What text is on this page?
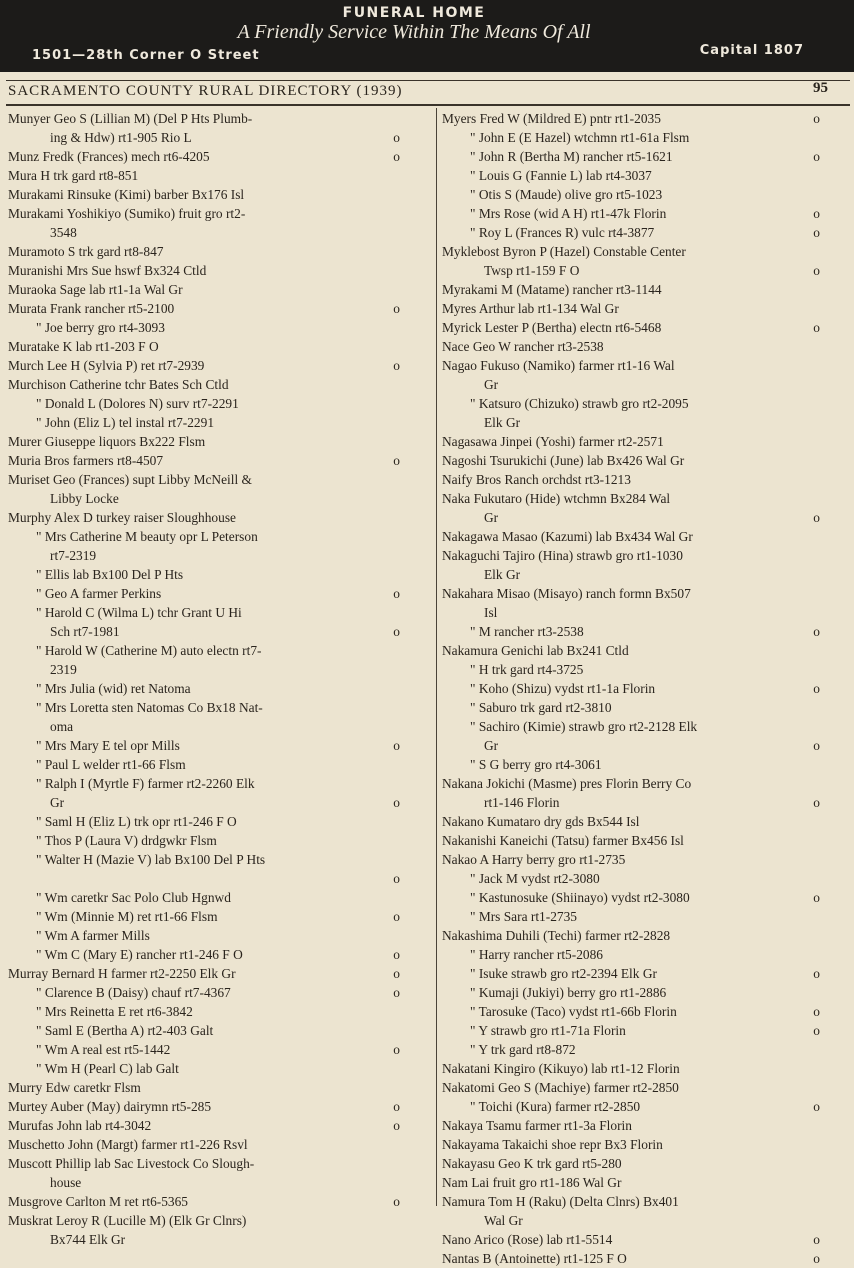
FUNERAL HOME
A Friendly Service Within The Means Of All
1501—28th Corner O Street	Capital 1807
SACRAMENTO COUNTY RURAL DIRECTORY (1939)	95
Munyer Geo S (Lillian M) (Del P Hts Plumb-
ing & Hdw) rt1-905 Rio L	o
Munz Fredk (Frances) mech rt6-4205	o
Mura H trk gard rt8-851
Murakami Rinsuke (Kimi) barber Bx176 Isl
Murakami Yoshikiyo (Sumiko) fruit gro rt2-
3548
Muramoto S trk gard rt8-847
Muranishi Mrs Sue hswf Bx324 Ctld
Muraoka Sage lab rt1-1a Wal Gr
Murata Frank rancher rt5-2100	o
" Joe berry gro rt4-3093
Muratake K lab rt1-203 F O
Murch Lee H (Sylvia P) ret rt7-2939	o
Murchison Catherine tchr Bates Sch Ctld
" Donald L (Dolores N) surv rt7-2291
" John (Eliz L) tel instal rt7-2291
Murer Giuseppe liquors Bx222 Flsm
Muria Bros farmers rt8-4507	o
Muriset Geo (Frances) supt Libby McNeill &
Libby Locke
Murphy Alex D turkey raiser Sloughhouse
" Mrs Catherine M beauty opr L Peterson
rt7-2319
" Ellis lab Bx100 Del P Hts
" Geo A farmer Perkins	o
" Harold C (Wilma L) tchr Grant U Hi
Sch rt7-1981	o
" Harold W (Catherine M) auto electn rt7-
2319
" Mrs Julia (wid) ret Natoma
" Mrs Loretta sten Natomas Co Bx18 Nat-
oma
" Mrs Mary E tel opr Mills	o
" Paul L welder rt1-66 Flsm
" Ralph I (Myrtle F) farmer rt2-2260 Elk
Gr	o
" Saml H (Eliz L) trk opr rt1-246 F O
" Thos P (Laura V) drdgwkr Flsm
" Walter H (Mazie V) lab Bx100 Del P Hts
o
" Wm caretkr Sac Polo Club Hgnwd
" Wm (Minnie M) ret rt1-66 Flsm	o
" Wm A farmer Mills
" Wm C (Mary E) rancher rt1-246 F O	o
Murray Bernard H farmer rt2-2250 Elk Gr	o
" Clarence B (Daisy) chauf rt7-4367	o
" Mrs Reinetta E ret rt6-3842
" Saml E (Bertha A) rt2-403 Galt
" Wm A real est rt5-1442	o
" Wm H (Pearl C) lab Galt
Murry Edw caretkr Flsm
Murtey Auber (May) dairymn rt5-285	o
Murufas John lab rt4-3042	o
Muschetto John (Margt) farmer rt1-226 Rsvl
Muscott Phillip lab Sac Livestock Co Slough-
house
Musgrove Carlton M ret rt6-5365	o
Muskrat Leroy R (Lucille M) (Elk Gr Clnrs)
Bx744 Elk Gr
Myers Fred W (Mildred E) pntr rt1-2035	o
" John E (E Hazel) wtchmn rt1-61a Flsm
" John R (Bertha M) rancher rt5-1621	o
" Louis G (Fannie L) lab rt4-3037
" Otis S (Maude) olive gro rt5-1023
" Mrs Rose (wid A H) rt1-47k Florin	o
" Roy L (Frances R) vulc rt4-3877	o
Myklebost Byron P (Hazel) Constable Center
Twsp rt1-159 F O	o
Myrakami M (Matame) rancher rt3-1144
Myres Arthur lab rt1-134 Wal Gr
Myrick Lester P (Bertha) electn rt6-5468	o
Nace Geo W rancher rt3-2538
Nagao Fukuso (Namiko) farmer rt1-16 Wal
Gr
" Katsuro (Chizuko) strawb gro rt2-2095
Elk Gr
Nagasawa Jinpei (Yoshi) farmer rt2-2571
Nagoshi Tsurukichi (June) lab Bx426 Wal Gr
Naify Bros Ranch orchdst rt3-1213
Naka Fukutaro (Hide) wtchmn Bx284 Wal
Gr	o
Nakagawa Masao (Kazumi) lab Bx434 Wal Gr
Nakaguchi Tajiro (Hina) strawb gro rt1-1030
Elk Gr
Nakahara Misao (Misayo) ranch formn Bx507
Isl
" M rancher rt3-2538	o
Nakamura Genichi lab Bx241 Ctld
" H trk gard rt4-3725
" Koho (Shizu) vydst rt1-1a Florin	o
" Saburo trk gard rt2-3810
" Sachiro (Kimie) strawb gro rt2-2128 Elk
Gr	o
" S G berry gro rt4-3061
Nakana Jokichi (Masme) pres Florin Berry Co
rt1-146 Florin	o
Nakano Kumataro dry gds Bx544 Isl
Nakanishi Kaneichi (Tatsu) farmer Bx456 Isl
Nakao A Harry berry gro rt1-2735
" Jack M vydst rt2-3080
" Kastunosuke (Shiinayo) vydst rt2-3080	o
" Mrs Sara rt1-2735
Nakashima Duhili (Techi) farmer rt2-2828
" Harry rancher rt5-2086
" Isuke strawb gro rt2-2394 Elk Gr	o
" Kumaji (Jukiyi) berry gro rt1-2886
" Tarosuke (Taco) vydst rt1-66b Florin	o
" Y strawb gro rt1-71a Florin	o
" Y trk gard rt8-872
Nakatani Kingiro (Kikuyo) lab rt1-12 Florin
Nakatomi Geo S (Machiye) farmer rt2-2850
" Toichi (Kura) farmer rt2-2850	o
Nakaya Tsamu farmer rt1-3a Florin
Nakayama Takaichi shoe repr Bx3 Florin
Nakayasu Geo K trk gard rt5-280
Nam Lai fruit gro rt1-186 Wal Gr
Namura Tom H (Raku) (Delta Clnrs) Bx401
Wal Gr
Nano Arico (Rose) lab rt1-5514	o
Nantas B (Antoinette) rt1-125 F O	o
